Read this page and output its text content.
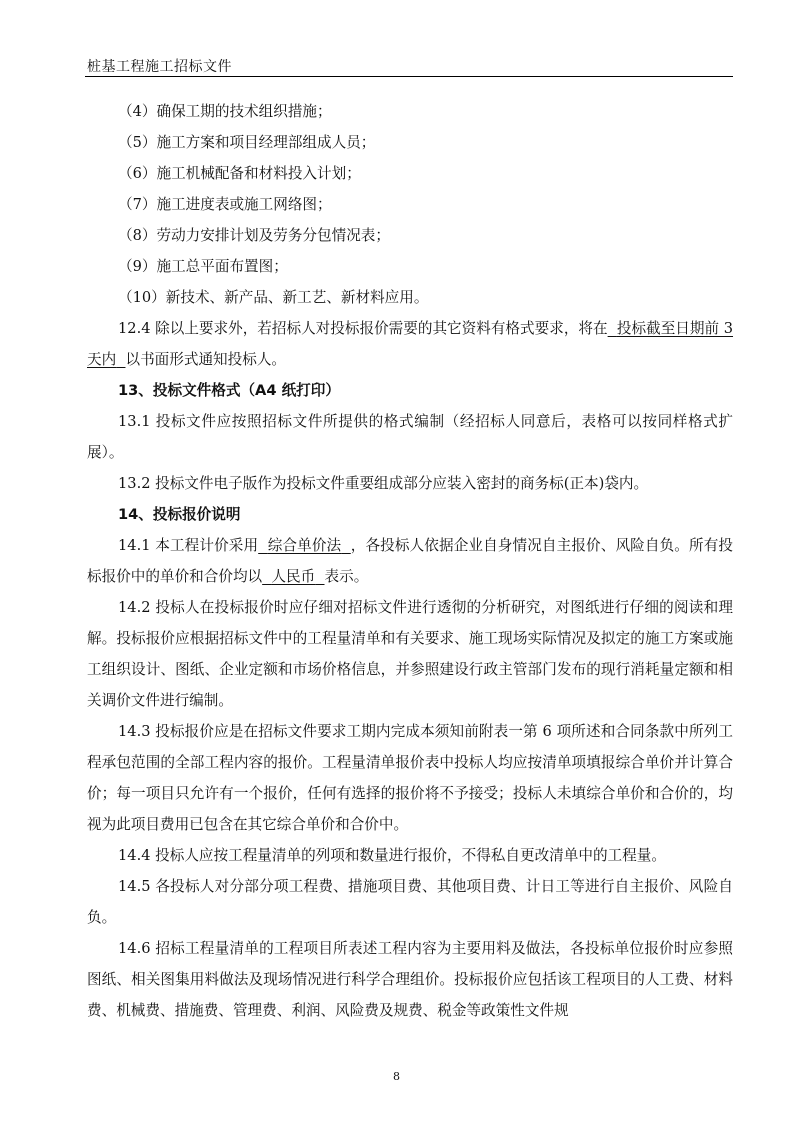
桩基工程施工招标文件

（4）确保工期的技术组织措施；

（5）施工方案和项目经理部组成人员；

（6）施工机械配备和材料投入计划；

（7）施工进度表或施工网络图；

（8）劳动力安排计划及劳务分包情况表；

（9）施工总平面布置图；

（10）新技术、新产品、新工艺、新材料应用。

12.4 除以上要求外，若招标人对投标报价需要的其它资料有格式要求，将在 投标截至日期前 3 天内 以书面形式通知投标人。

13、投标文件格式（A4 纸打印）

13.1 投标文件应按照招标文件所提供的格式编制（经招标人同意后，表格可以按同样格式扩展）。

13.2 投标文件电子版作为投标文件重要组成部分应装入密封的商务标(正本)袋内。

14、投标报价说明

14.1 本工程计价采用 综合单价法 ，各投标人依据企业自身情况自主报价、风险自负。所有投标报价中的单价和合价均以 人民币 表示。

14.2 投标人在投标报价时应仔细对招标文件进行透彻的分析研究，对图纸进行仔细的阅读和理解。投标报价应根据招标文件中的工程量清单和有关要求、施工现场实际情况及拟定的施工方案或施工组织设计、图纸、企业定额和市场价格信息，并参照建设行政主管部门发布的现行消耗量定额和相关调价文件进行编制。

14.3 投标报价应是在招标文件要求工期内完成本须知前附表一第 6 项所述和合同条款中所列工程承包范围的全部工程内容的报价。工程量清单报价表中投标人均应按清单项填报综合单价并计算合价；每一项目只允许有一个报价，任何有选择的报价将不予接受；投标人未填综合单价和合价的，均视为此项目费用已包含在其它综合单价和合价中。

14.4 投标人应按工程量清单的列项和数量进行报价，不得私自更改清单中的工程量。

14.5 各投标人对分部分项工程费、措施项目费、其他项目费、计日工等进行自主报价、风险自负。

14.6 招标工程量清单的工程项目所表述工程内容为主要用料及做法，各投标单位报价时应参照图纸、相关图集用料做法及现场情况进行科学合理组价。投标报价应包括该工程项目的人工费、材料费、机械费、措施费、管理费、利润、风险费及规费、税金等政策性文件规

8
